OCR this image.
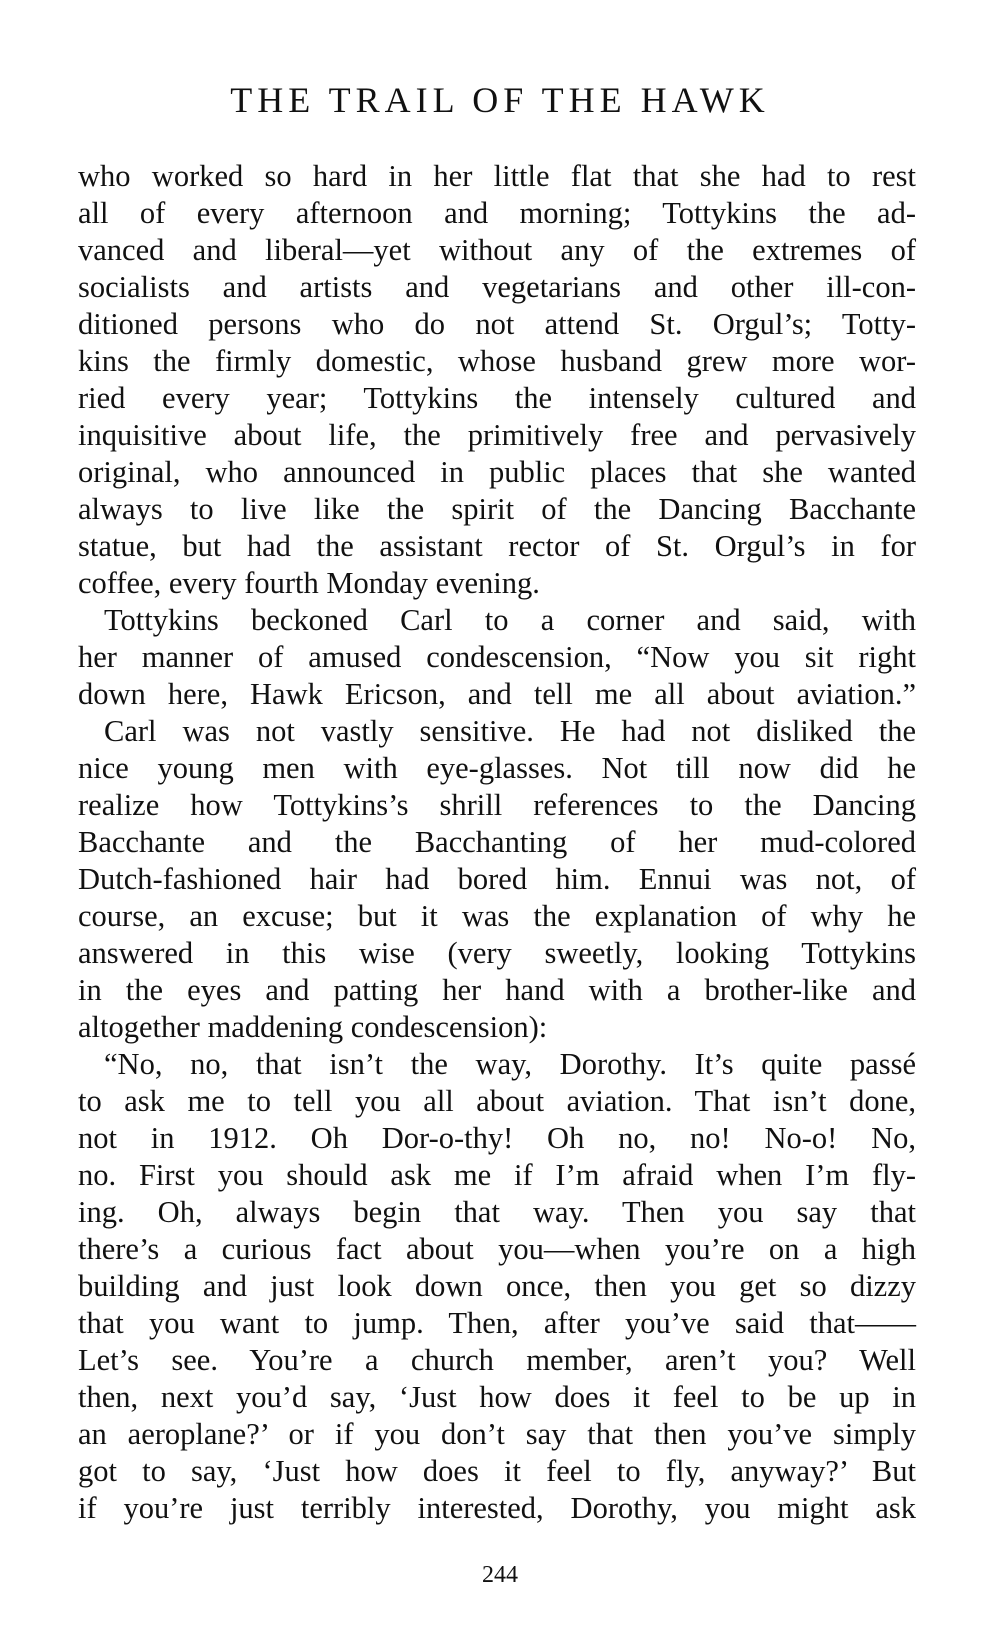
THE TRAIL OF THE HAWK
who worked so hard in her little flat that she had to rest
all of every afternoon and morning; Tottykins the ad-
vanced and liberal—yet without any of the extremes of
socialists and artists and vegetarians and other ill-con-
ditioned persons who do not attend St. Orgul’s; Totty-
kins the firmly domestic, whose husband grew more wor-
ried every year; Tottykins the intensely cultured and
inquisitive about life, the primitively free and pervasively
original, who announced in public places that she wanted
always to live like the spirit of the Dancing Bacchante
statue, but had the assistant rector of St. Orgul’s in for
coffee, every fourth Monday evening.
Tottykins beckoned Carl to a corner and said, with
her manner of amused condescension, “Now you sit right
down here, Hawk Ericson, and tell me all about aviation.”
Carl was not vastly sensitive. He had not disliked the
nice young men with eye-glasses. Not till now did he
realize how Tottykins’s shrill references to the Dancing
Bacchante and the Bacchanting of her mud-colored
Dutch-fashioned hair had bored him. Ennui was not, of
course, an excuse; but it was the explanation of why he
answered in this wise (very sweetly, looking Tottykins
in the eyes and patting her hand with a brother-like and
altogether maddening condescension):
“No, no, that isn’t the way, Dorothy. It’s quite passé
to ask me to tell you all about aviation. That isn’t done,
not in 1912. Oh Dor-o-thy! Oh no, no! No-o! No,
no. First you should ask me if I’m afraid when I’m fly-
ing. Oh, always begin that way. Then you say that
there’s a curious fact about you—when you’re on a high
building and just look down once, then you get so dizzy
that you want to jump. Then, after you’ve said that——
Let’s see. You’re a church member, aren’t you? Well
then, next you’d say, ‘Just how does it feel to be up in
an aeroplane?’ or if you don’t say that then you’ve simply
got to say, ‘Just how does it feel to fly, anyway?’ But
if you’re just terribly interested, Dorothy, you might ask
244
